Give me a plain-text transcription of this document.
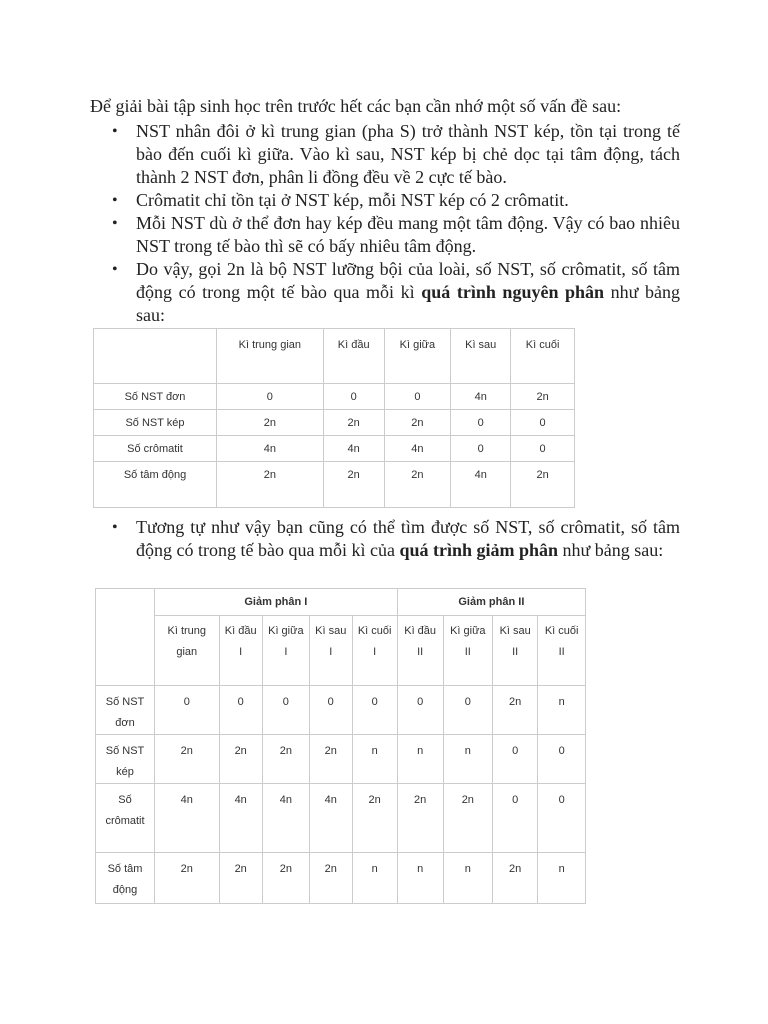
Để giải bài tập sinh học trên trước hết các bạn cần nhớ một số vấn đề sau:
• NST nhân đôi ở kì trung gian (pha S) trở thành NST kép, tồn tại trong tế bào đến cuối kì giữa. Vào kì sau, NST kép bị chẻ dọc tại tâm động, tách thành 2 NST đơn, phân li đồng đều về 2 cực tế bào.
• Crômatit chỉ tồn tại ở NST kép, mỗi NST kép có 2 crômatit.
• Mỗi NST dù ở thể đơn hay kép đều mang một tâm động. Vậy có bao nhiêu NST trong tế bào thì sẽ có bấy nhiêu tâm động.
• Do vậy, gọi 2n là bộ NST lưỡng bội của loài, số NST, số crômatit, số tâm động có trong một tế bào qua mỗi kì quá trình nguyên phân như bảng sau:
	Kì trung gian	Kì đầu	Kì giữa	Kì sau	Kì cuối
Số NST đơn	0	0	0	4n	2n
Số NST kép	2n	2n	2n	0	0
Số crômatit	4n	4n	4n	0	0
Số tâm động	2n	2n	2n	4n	2n
• Tương tự như vậy bạn cũng có thể tìm được số NST, số crômatit, số tâm động có trong tế bào qua mỗi kì của quá trình giảm phân như bảng sau:
	Giảm phân I					Giảm phân II			
	Kì trung gian	Kì đầu I	Kì giữa I	Kì sau I	Kì cuối I	Kì đầu II	Kì giữa II	Kì sau II	Kì cuối II
Số NST đơn	0	0	0	0	0	0	0	2n	n
Số NST kép	2n	2n	2n	2n	n	n	n	0	0
Số crômatit	4n	4n	4n	4n	2n	2n	2n	0	0
Số tâm động	2n	2n	2n	2n	n	n	n	2n	n
